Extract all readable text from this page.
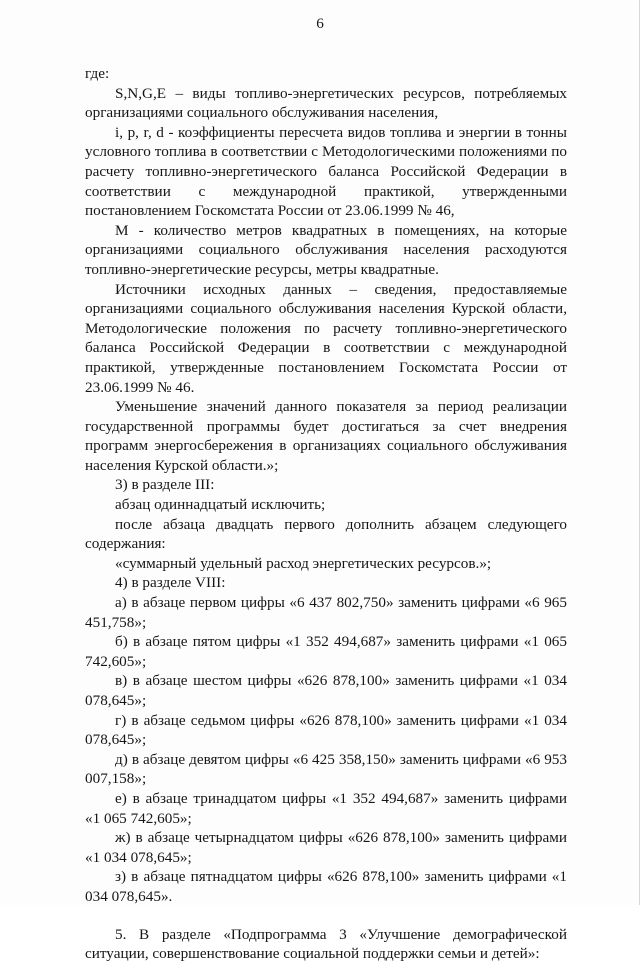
6

где:

S,N,G,E – виды топливо-энергетических ресурсов, потребляемых организациями социального обслуживания населения,

i, p, r, d - коэффициенты пересчета видов топлива и энергии в тонны условного топлива в соответствии с Методологическими положениями по расчету топливно-энергетического баланса Российской Федерации в соответствии с международной практикой, утвержденными постановлением Госкомстата России от 23.06.1999 № 46,

М - количество метров квадратных в помещениях, на которые организациями социального обслуживания населения расходуются топливно-энергетические ресурсы, метры квадратные.

Источники исходных данных – сведения, предоставляемые организациями социального обслуживания населения Курской области, Методологические положения по расчету топливно-энергетического баланса Российской Федерации в соответствии с международной практикой, утвержденные постановлением Госкомстата России от 23.06.1999 № 46.

Уменьшение значений данного показателя за период реализации государственной программы будет достигаться за счет внедрения программ энергосбережения в организациях социального обслуживания населения Курской области.»;

3) в разделе III:

абзац одиннадцатый исключить;

после абзаца двадцать первого дополнить абзацем следующего содержания:

«суммарный удельный расход энергетических ресурсов.»;

4) в разделе VIII:

а) в абзаце первом цифры «6 437 802,750» заменить цифрами «6 965 451,758»;

б) в абзаце пятом цифры «1 352 494,687» заменить цифрами «1 065 742,605»;

в) в абзаце шестом цифры «626 878,100» заменить цифрами «1 034 078,645»;

г) в абзаце седьмом цифры «626 878,100» заменить цифрами «1 034 078,645»;

д) в абзаце девятом цифры «6 425 358,150» заменить цифрами «6 953 007,158»;

е) в абзаце тринадцатом цифры «1 352 494,687» заменить цифрами «1 065 742,605»;

ж) в абзаце четырнадцатом цифры «626 878,100» заменить цифрами «1 034 078,645»;

з) в абзаце пятнадцатом цифры «626 878,100» заменить цифрами «1 034 078,645».

5. В разделе «Подпрограмма 3 «Улучшение демографической ситуации, совершенствование социальной поддержки семьи и детей»:
